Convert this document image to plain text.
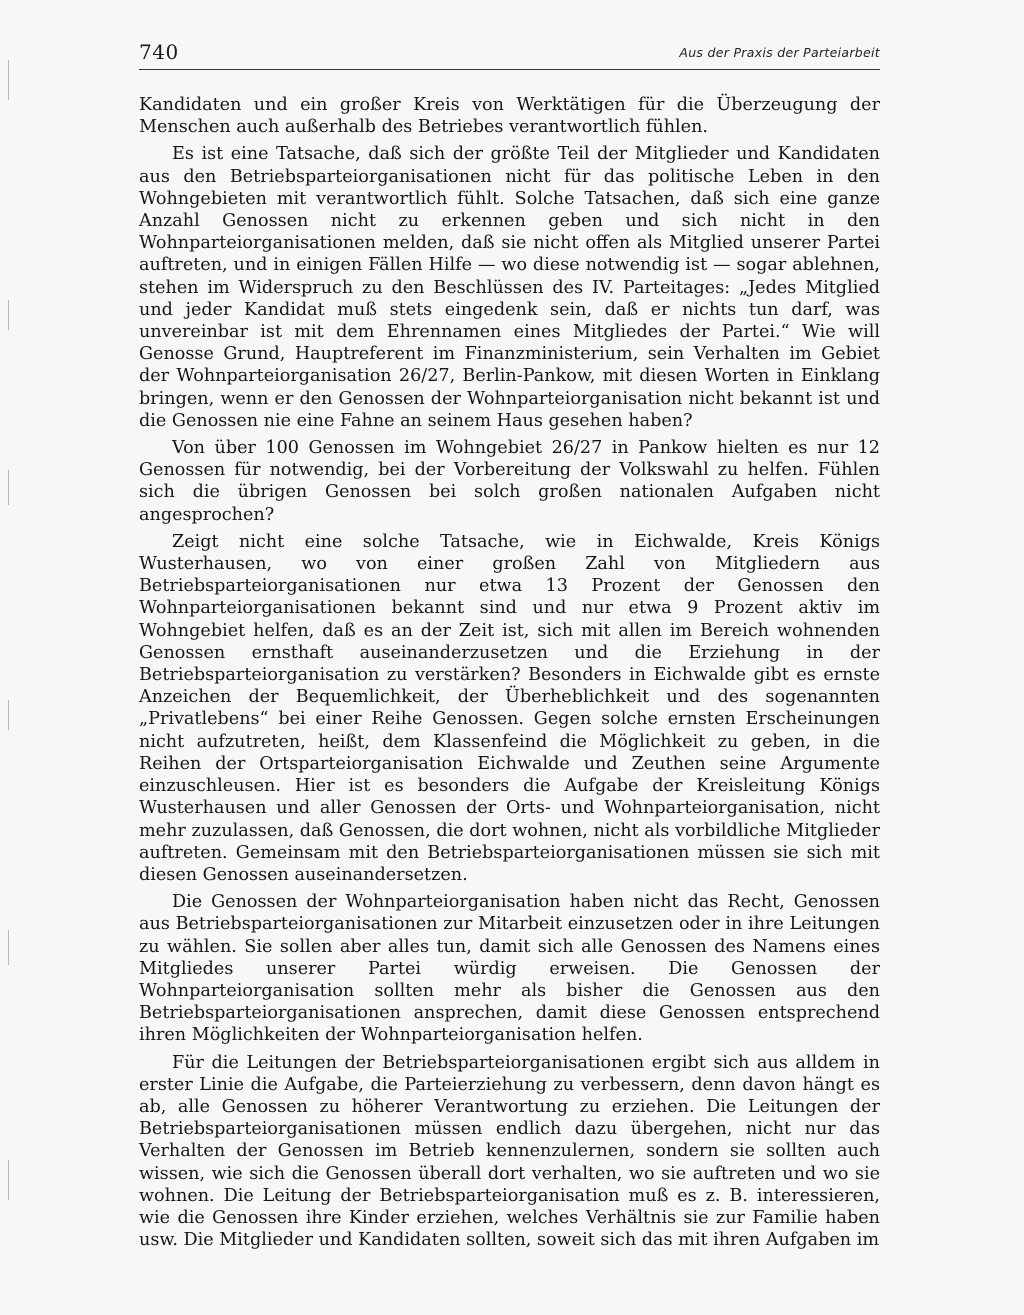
740	Aus der Praxis der Parteiarbeit

Kandidaten und ein großer Kreis von Werktätigen für die Überzeugung der Menschen auch außerhalb des Betriebes verantwortlich fühlen.

Es ist eine Tatsache, daß sich der größte Teil der Mitglieder und Kandidaten aus den Betriebsparteiorganisationen nicht für das politische Leben in den Wohngebieten mit verantwortlich fühlt. Solche Tatsachen, daß sich eine ganze Anzahl Genossen nicht zu erkennen geben und sich nicht in den Wohnparteiorganisationen melden, daß sie nicht offen als Mitglied unserer Partei auftreten, und in einigen Fällen Hilfe — wo diese notwendig ist — sogar ablehnen, stehen im Widerspruch zu den Beschlüssen des IV. Parteitages: „Jedes Mitglied und jeder Kandidat muß stets eingedenk sein, daß er nichts tun darf, was unvereinbar ist mit dem Ehrennamen eines Mitgliedes der Partei.“ Wie will Genosse Grund, Hauptreferent im Finanzministerium, sein Verhalten im Gebiet der Wohnparteiorganisation 26/27, Berlin-Pankow, mit diesen Worten in Einklang bringen, wenn er den Genossen der Wohnparteiorganisation nicht bekannt ist und die Genossen nie eine Fahne an seinem Haus gesehen haben?

Von über 100 Genossen im Wohngebiet 26/27 in Pankow hielten es nur 12 Genossen für notwendig, bei der Vorbereitung der Volkswahl zu helfen. Fühlen sich die übrigen Genossen bei solch großen nationalen Aufgaben nicht angesprochen?

Zeigt nicht eine solche Tatsache, wie in Eichwalde, Kreis Königs Wusterhausen, wo von einer großen Zahl von Mitgliedern aus Betriebsparteiorganisationen nur etwa 13 Prozent der Genossen den Wohnparteiorganisationen bekannt sind und nur etwa 9 Prozent aktiv im Wohngebiet helfen, daß es an der Zeit ist, sich mit allen im Bereich wohnenden Genossen ernsthaft auseinanderzusetzen und die Erziehung in der Betriebsparteiorganisation zu verstärken? Besonders in Eichwalde gibt es ernste Anzeichen der Bequemlichkeit, der Überheblichkeit und des sogenannten „Privatlebens“ bei einer Reihe Genossen. Gegen solche ernsten Erscheinungen nicht aufzutreten, heißt, dem Klassenfeind die Möglichkeit zu geben, in die Reihen der Ortsparteiorganisation Eichwalde und Zeuthen seine Argumente einzuschleusen. Hier ist es besonders die Aufgabe der Kreisleitung Königs Wusterhausen und aller Genossen der Orts- und Wohnparteiorganisation, nicht mehr zuzulassen, daß Genossen, die dort wohnen, nicht als vorbildliche Mitglieder auftreten. Gemeinsam mit den Betriebsparteiorganisationen müssen sie sich mit diesen Genossen auseinandersetzen.

Die Genossen der Wohnparteiorganisation haben nicht das Recht, Genossen aus Betriebsparteiorganisationen zur Mitarbeit einzusetzen oder in ihre Leitungen zu wählen. Sie sollen aber alles tun, damit sich alle Genossen des Namens eines Mitgliedes unserer Partei würdig erweisen. Die Genossen der Wohnparteiorganisation sollten mehr als bisher die Genossen aus den Betriebsparteiorganisationen ansprechen, damit diese Genossen entsprechend ihren Möglichkeiten der Wohnparteiorganisation helfen.

Für die Leitungen der Betriebsparteiorganisationen ergibt sich aus alldem in erster Linie die Aufgabe, die Parteierziehung zu verbessern, denn davon hängt es ab, alle Genossen zu höherer Verantwortung zu erziehen. Die Leitungen der Betriebsparteiorganisationen müssen endlich dazu übergehen, nicht nur das Verhalten der Genossen im Betrieb kennenzulernen, sondern sie sollten auch wissen, wie sich die Genossen überall dort verhalten, wo sie auftreten und wo sie wohnen. Die Leitung der Betriebsparteiorganisation muß es z. B. interessieren, wie die Genossen ihre Kinder erziehen, welches Verhältnis sie zur Familie haben usw. Die Mitglieder und Kandidaten sollten, soweit sich das mit ihren Aufgaben im
